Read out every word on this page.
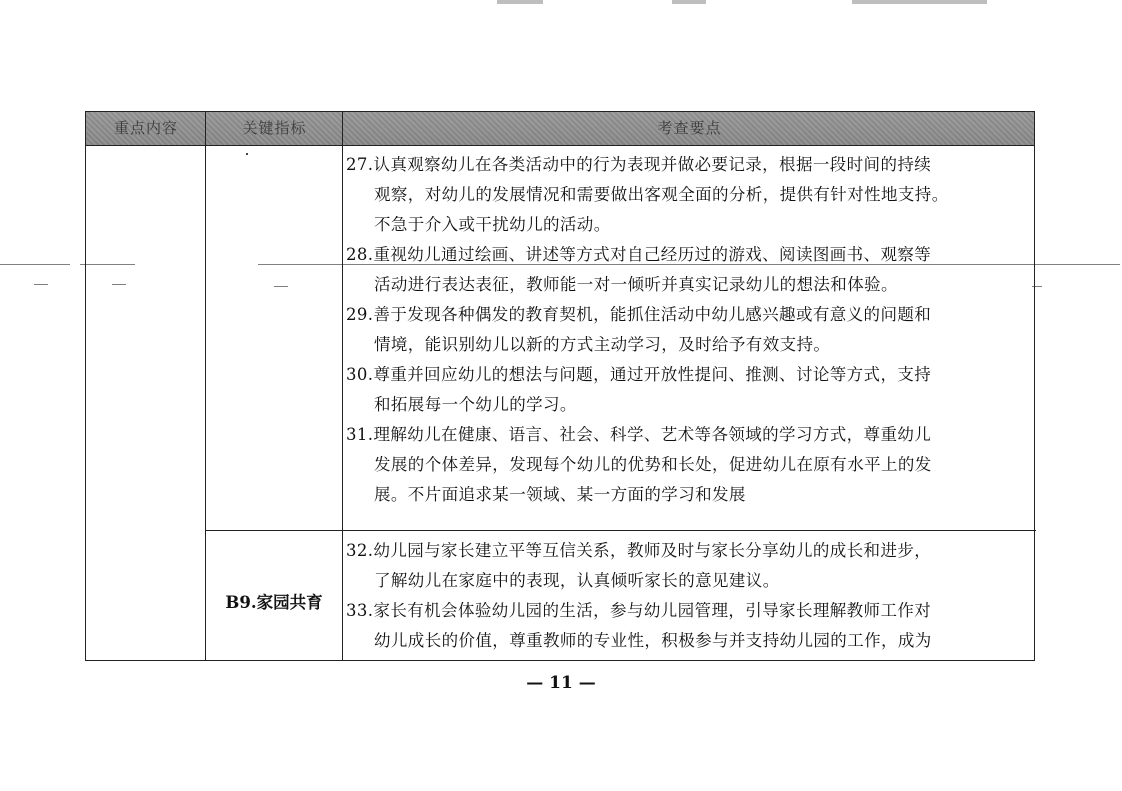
重点内容	关键指标	考查要点
27.认真观察幼儿在各类活动中的行为表现并做必要记录，根据一段时间的持续
观察，对幼儿的发展情况和需要做出客观全面的分析，提供有针对性地支持。
不急于介入或干扰幼儿的活动。
28.重视幼儿通过绘画、讲述等方式对自己经历过的游戏、阅读图画书、观察等
活动进行表达表征，教师能一对一倾听并真实记录幼儿的想法和体验。
29.善于发现各种偶发的教育契机，能抓住活动中幼儿感兴趣或有意义的问题和
情境，能识别幼儿以新的方式主动学习，及时给予有效支持。
30.尊重并回应幼儿的想法与问题，通过开放性提问、推测、讨论等方式，支持
和拓展每一个幼儿的学习。
31.理解幼儿在健康、语言、社会、科学、艺术等各领域的学习方式，尊重幼儿
发展的个体差异，发现每个幼儿的优势和长处，促进幼儿在原有水平上的发
展。不片面追求某一领域、某一方面的学习和发展
B9.家园共育
32.幼儿园与家长建立平等互信关系，教师及时与家长分享幼儿的成长和进步，
了解幼儿在家庭中的表现，认真倾听家长的意见建议。
33.家长有机会体验幼儿园的生活，参与幼儿园管理，引导家长理解教师工作对
幼儿成长的价值，尊重教师的专业性，积极参与并支持幼儿园的工作，成为
— 11 —
